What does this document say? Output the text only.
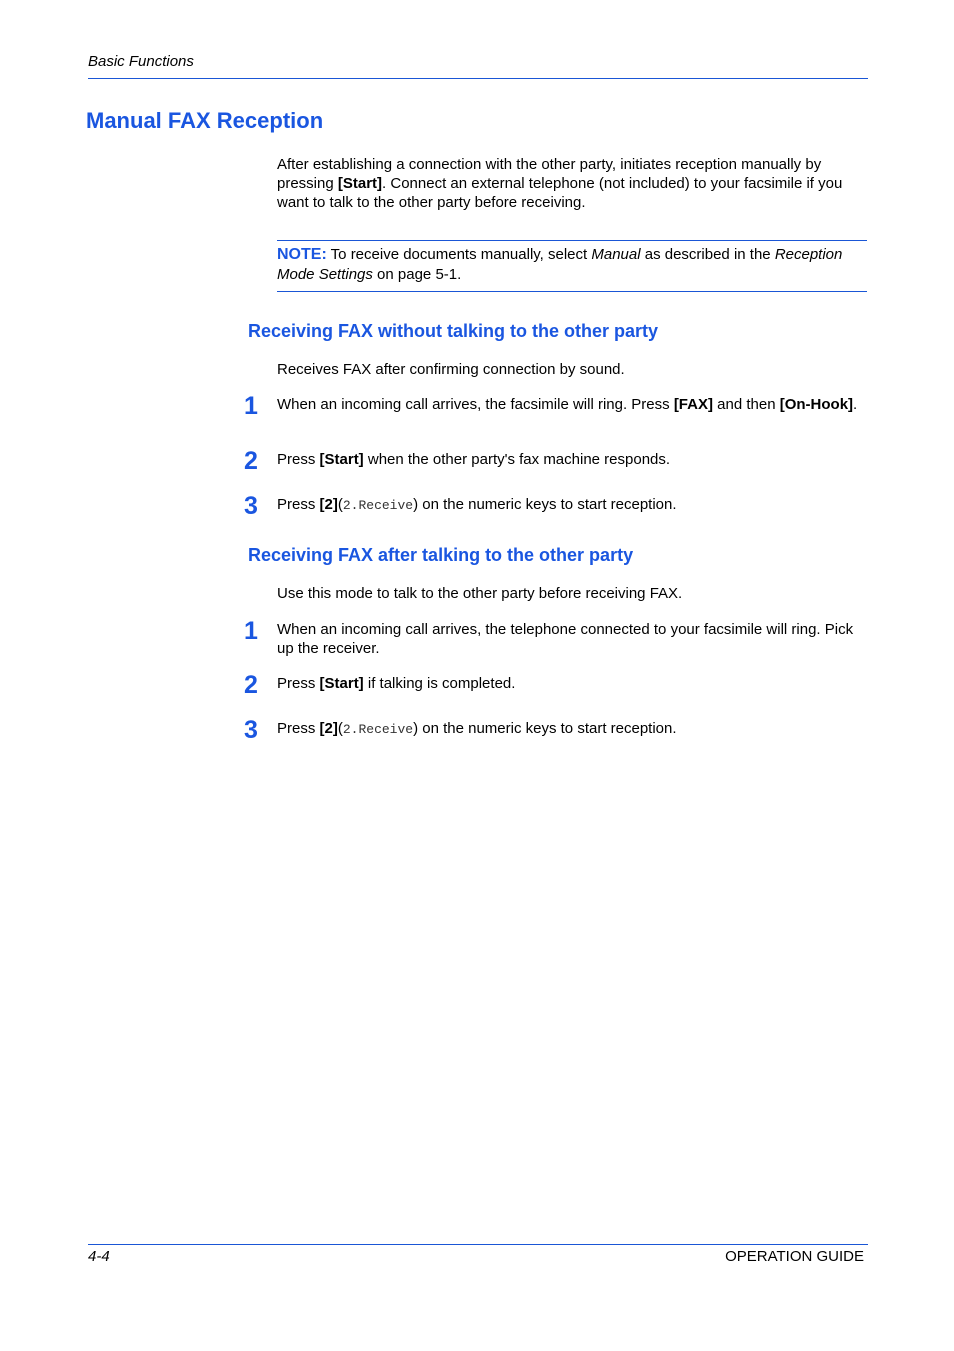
Basic Functions
Manual FAX Reception
After establishing a connection with the other party, initiates reception manually by pressing [Start]. Connect an external telephone (not included) to your facsimile if you want to talk to the other party before receiving.
NOTE: To receive documents manually, select Manual as described in the Reception Mode Settings on page 5-1.
Receiving FAX without talking to the other party
Receives FAX after confirming connection by sound.
1 When an incoming call arrives, the facsimile will ring. Press [FAX] and then [On-Hook].
2 Press [Start] when the other party's fax machine responds.
3 Press [2](2.Receive) on the numeric keys to start reception.
Receiving FAX after talking to the other party
Use this mode to talk to the other party before receiving FAX.
1 When an incoming call arrives, the telephone connected to your facsimile will ring. Pick up the receiver.
2 Press [Start] if talking is completed.
3 Press [2](2.Receive) on the numeric keys to start reception.
4-4	OPERATION GUIDE
